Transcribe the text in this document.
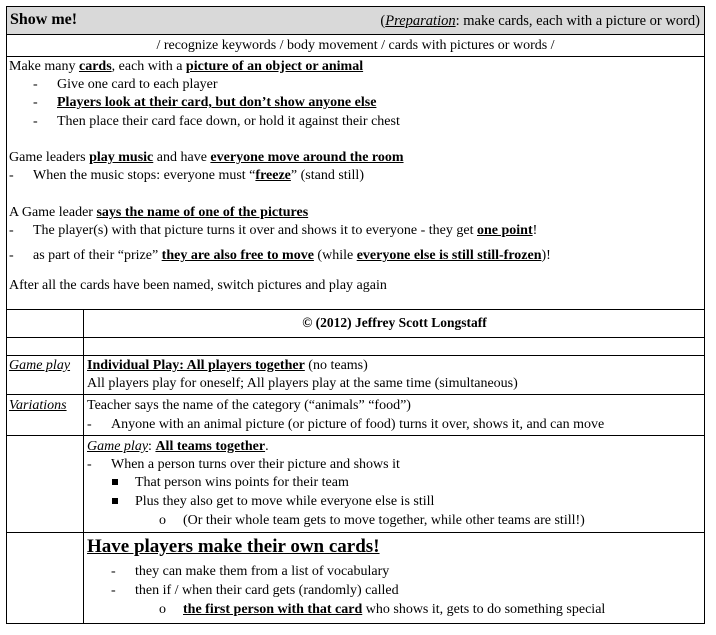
Show me!	(Preparation: make cards, each with a picture or word)
/ recognize keywords / body movement / cards with pictures or words /
Make many cards, each with a picture of an object or animal
- Give one card to each player
- Players look at their card, but don’t show anyone else
- Then place their card face down, or hold it against their chest
Game leaders play music and have everyone move around the room
- When the music stops: everyone must “freeze” (stand still)
A Game leader says the name of one of the pictures
- The player(s) with that picture turns it over and shows it to everyone - they get one point!
- as part of their “prize” they are also free to move (while everyone else is still still-frozen)!
After all the cards have been named, switch pictures and play again
© (2012) Jeffrey Scott Longstaff
Game play Individual Play: All players together (no teams)
All players play for oneself; All players play at the same time (simultaneous)
Variations Teacher says the name of the category (“animals” “food”)
- Anyone with an animal picture (or picture of food) turns it over, shows it, and can move
Game play: All teams together.
- When a person turns over their picture and shows it
That person wins points for their team
Plus they also get to move while everyone else is still
o (Or their whole team gets to move together, while other teams are still!)
Have players make their own cards!
- they can make them from a list of vocabulary
- then if / when their card gets (randomly) called
o the first person with that card who shows it, gets to do something special
